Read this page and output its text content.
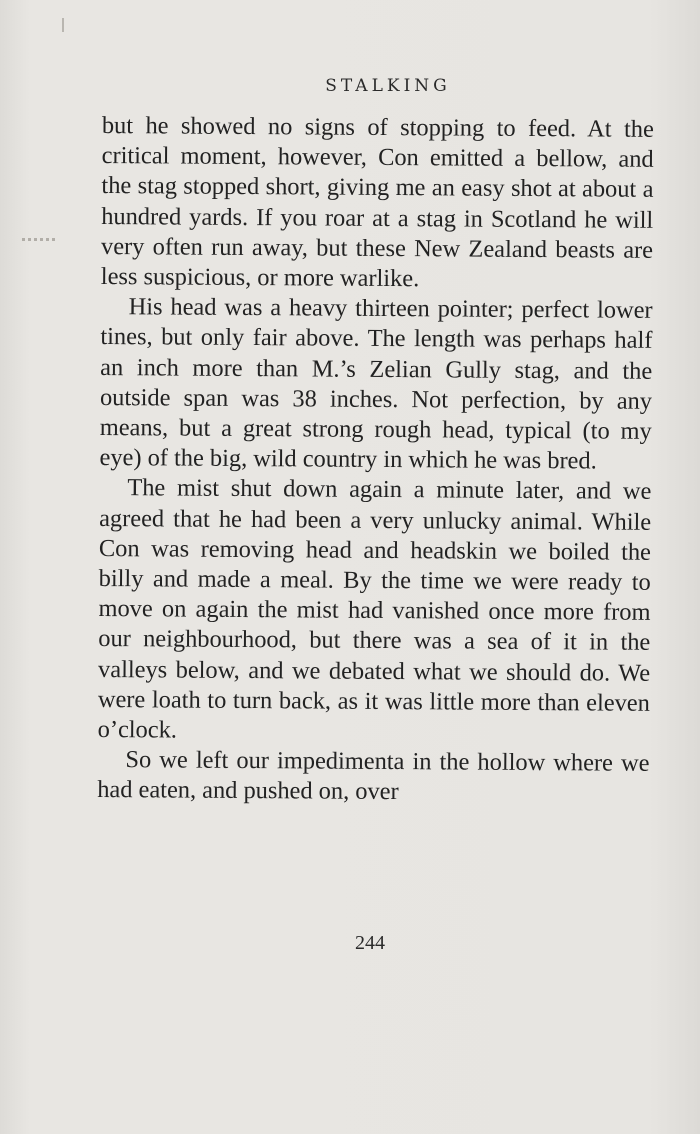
STALKING

but he showed no signs of stopping to feed. At the critical moment, however, Con emitted a bellow, and the stag stopped short, giving me an easy shot at about a hundred yards. If you roar at a stag in Scotland he will very often run away, but these New Zealand beasts are less suspicious, or more warlike.

His head was a heavy thirteen pointer; perfect lower tines, but only fair above. The length was perhaps half an inch more than M.’s Zelian Gully stag, and the outside span was 38 inches. Not perfection, by any means, but a great strong rough head, typical (to my eye) of the big, wild country in which he was bred.

The mist shut down again a minute later, and we agreed that he had been a very unlucky animal. While Con was removing head and headskin we boiled the billy and made a meal. By the time we were ready to move on again the mist had vanished once more from our neighbourhood, but there was a sea of it in the valleys below, and we debated what we should do. We were loath to turn back, as it was little more than eleven o’clock.

So we left our impedimenta in the hollow where we had eaten, and pushed on, over

244
